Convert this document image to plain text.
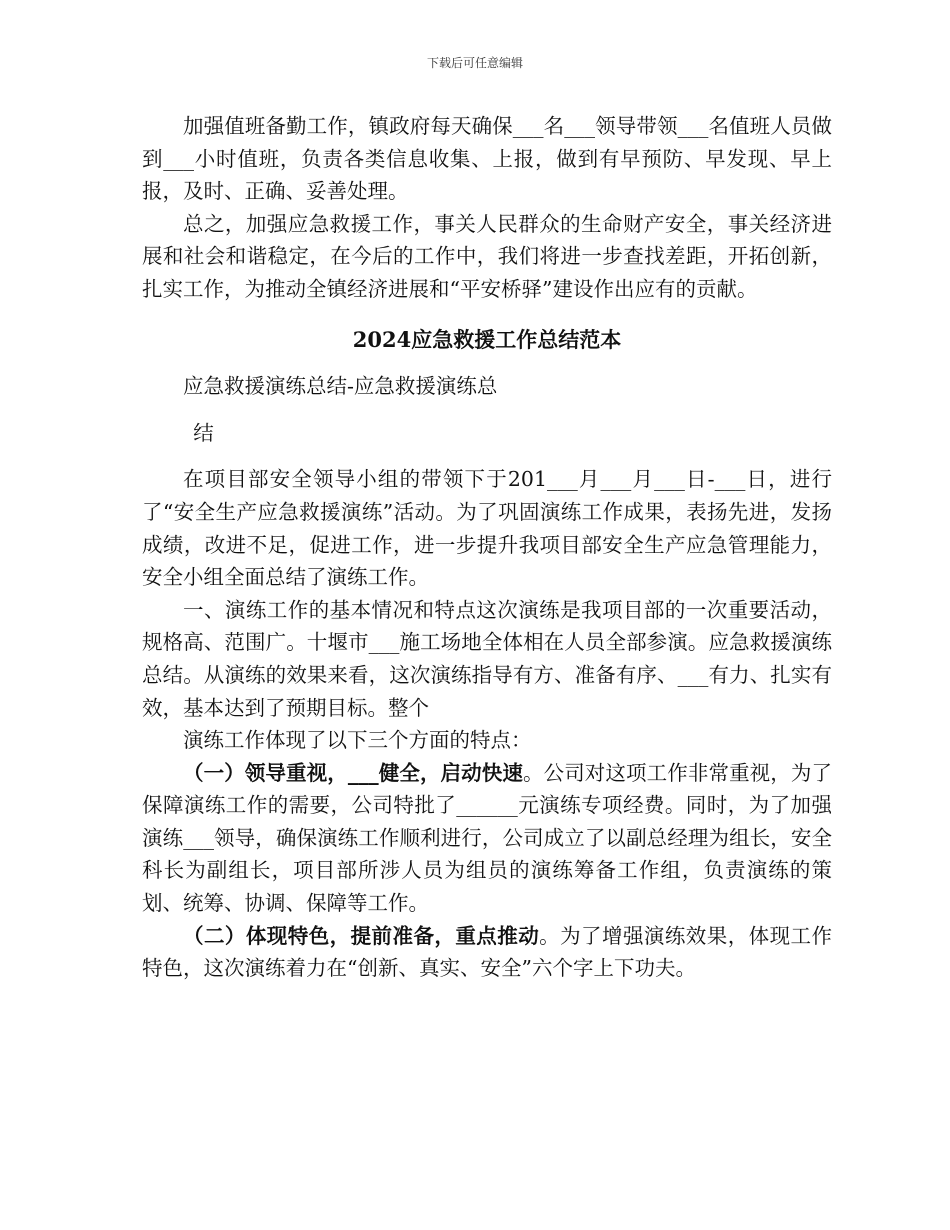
下载后可任意编辑

加强值班备勤工作，镇政府每天确保___名___领导带领___名值班人员做到___小时值班，负责各类信息收集、上报，做到有早预防、早发现、早上报，及时、正确、妥善处理。

总之，加强应急救援工作，事关人民群众的生命财产安全，事关经济进展和社会和谐稳定，在今后的工作中，我们将进一步查找差距，开拓创新，扎实工作，为推动全镇经济进展和“平安桥驿”建设作出应有的贡献。

2024应急救援工作总结范本
应急救援演练总结-应急救援演练总
结

在项目部安全领导小组的带领下于201___月___月___日-___日，进行了“安全生产应急救援演练”活动。为了巩固演练工作成果，表扬先进，发扬成绩，改进不足，促进工作，进一步提升我项目部安全生产应急管理能力，安全小组全面总结了演练工作。

一、演练工作的基本情况和特点这次演练是我项目部的一次重要活动，规格高、范围广。十堰市___施工场地全体相在人员全部参演。应急救援演练总结。从演练的效果来看，这次演练指导有方、准备有序、___有力、扎实有效，基本达到了预期目标。整个

演练工作体现了以下三个方面的特点：

（一）领导重视，___健全，启动快速。公司对这项工作非常重视，为了保障演练工作的需要，公司特批了______元演练专项经费。同时，为了加强演练___领导，确保演练工作顺利进行，公司成立了以副总经理为组长，安全科长为副组长，项目部所涉人员为组员的演练筹备工作组，负责演练的策划、统筹、协调、保障等工作。

（二）体现特色，提前准备，重点推动。为了增强演练效果，体现工作特色，这次演练着力在“创新、真实、安全”六个字上下功夫。
